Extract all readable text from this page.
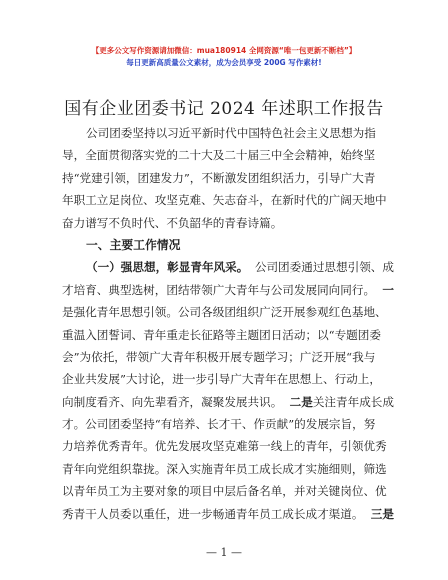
【更多公文写作资源请加微信：mua180914 全网资源“唯一包更新不断档”】
每日更新高质量公文素材，成为会员享受 200G 写作素材!
国有企业团委书记 2024 年述职工作报告
公司团委坚持以习近平新时代中国特色社会主义思想为指
导，全面贯彻落实党的二十大及二十届三中全会精神，始终坚
持“党建引领，团建发力”，不断激发团组织活力，引导广大青
年职工立足岗位、攻坚克难、矢志奋斗，在新时代的广阔天地中
奋力谱写不负时代、不负韶华的青春诗篇。
一、主要工作情况
（一）强思想，彰显青年风采。 公司团委通过思想引领、成
才培育、典型选树，团结带领广大青年与公司发展同向同行。 一
是强化青年思想引领。公司各级团组织广泛开展参观红色基地、
重温入团誓词、青年重走长征路等主题团日活动；以“专题团委
会”为依托，带领广大青年积极开展专题学习；广泛开展“我与
企业共发展”大讨论，进一步引导广大青年在思想上、行动上，
向制度看齐、向先辈看齐，凝聚发展共识。 二是关注青年成长成
才。公司团委坚持“有培养、长才干、作贡献”的发展宗旨，努
力培养优秀青年。优先发展攻坚克难第一线上的青年，引领优秀
青年向党组织靠拢。深入实施青年员工成长成才实施细则，筛选
以青年员工为主要对象的项目中层后备名单，并对关键岗位、优
秀青干人员委以重任，进一步畅通青年员工成长成才渠道。 三是
— 1 —
